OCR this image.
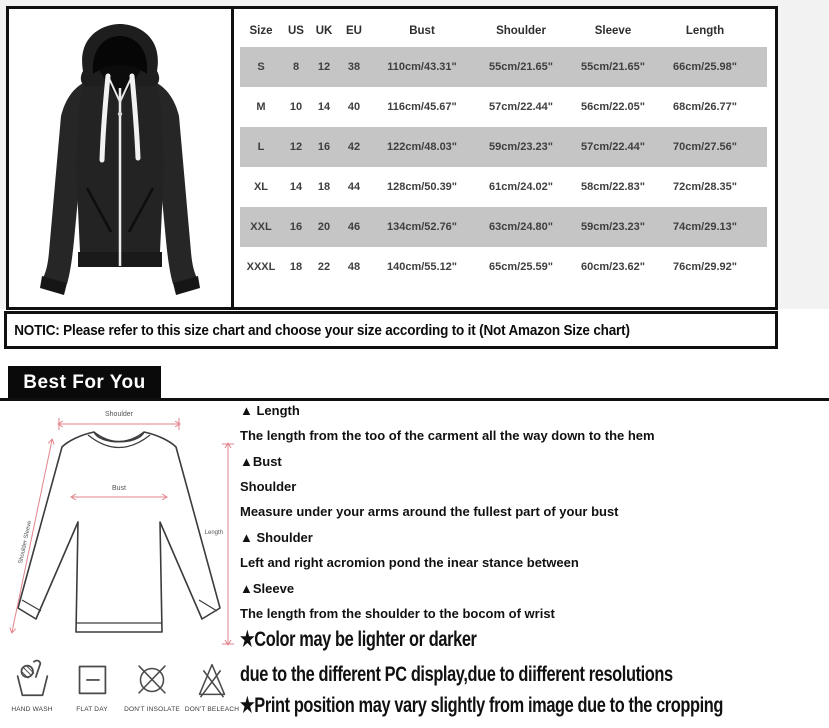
Size	US	UK	EU	Bust	Shoulder	Sleeve	Length
S	8	12	38	110cm/43.31"	55cm/21.65"	55cm/21.65"	66cm/25.98"
M	10	14	40	116cm/45.67"	57cm/22.44"	56cm/22.05"	68cm/26.77"
L	12	16	42	122cm/48.03"	59cm/23.23"	57cm/22.44"	70cm/27.56"
XL	14	18	44	128cm/50.39"	61cm/24.02"	58cm/22.83"	72cm/28.35"
XXL	16	20	46	134cm/52.76"	63cm/24.80"	59cm/23.23"	74cm/29.13"
XXXL	18	22	48	140cm/55.12"	65cm/25.59"	60cm/23.62"	76cm/29.92"
NOTIC: Please refer to this size chart and choose your size according to it (Not Amazon Size chart)
Best For You
Shoulder
Bust
Length
Shoulder Sleeve
▲ Length
The length from the too of the carment all the way down to the hem
▲Bust
Shoulder
Measure under your arms around the fullest part of your bust
▲ Shoulder
Left and right acromion pond the inear stance between
▲Sleeve
The length from the shoulder to the bocom of wrist
★Color may be lighter or darker
due to the different PC display,due to diifferent resolutions
★Print position may vary slightly from image due to the cropping
HAND WASH	FLAT DAY	DON'T INSOLATE DON'T BELEACH
